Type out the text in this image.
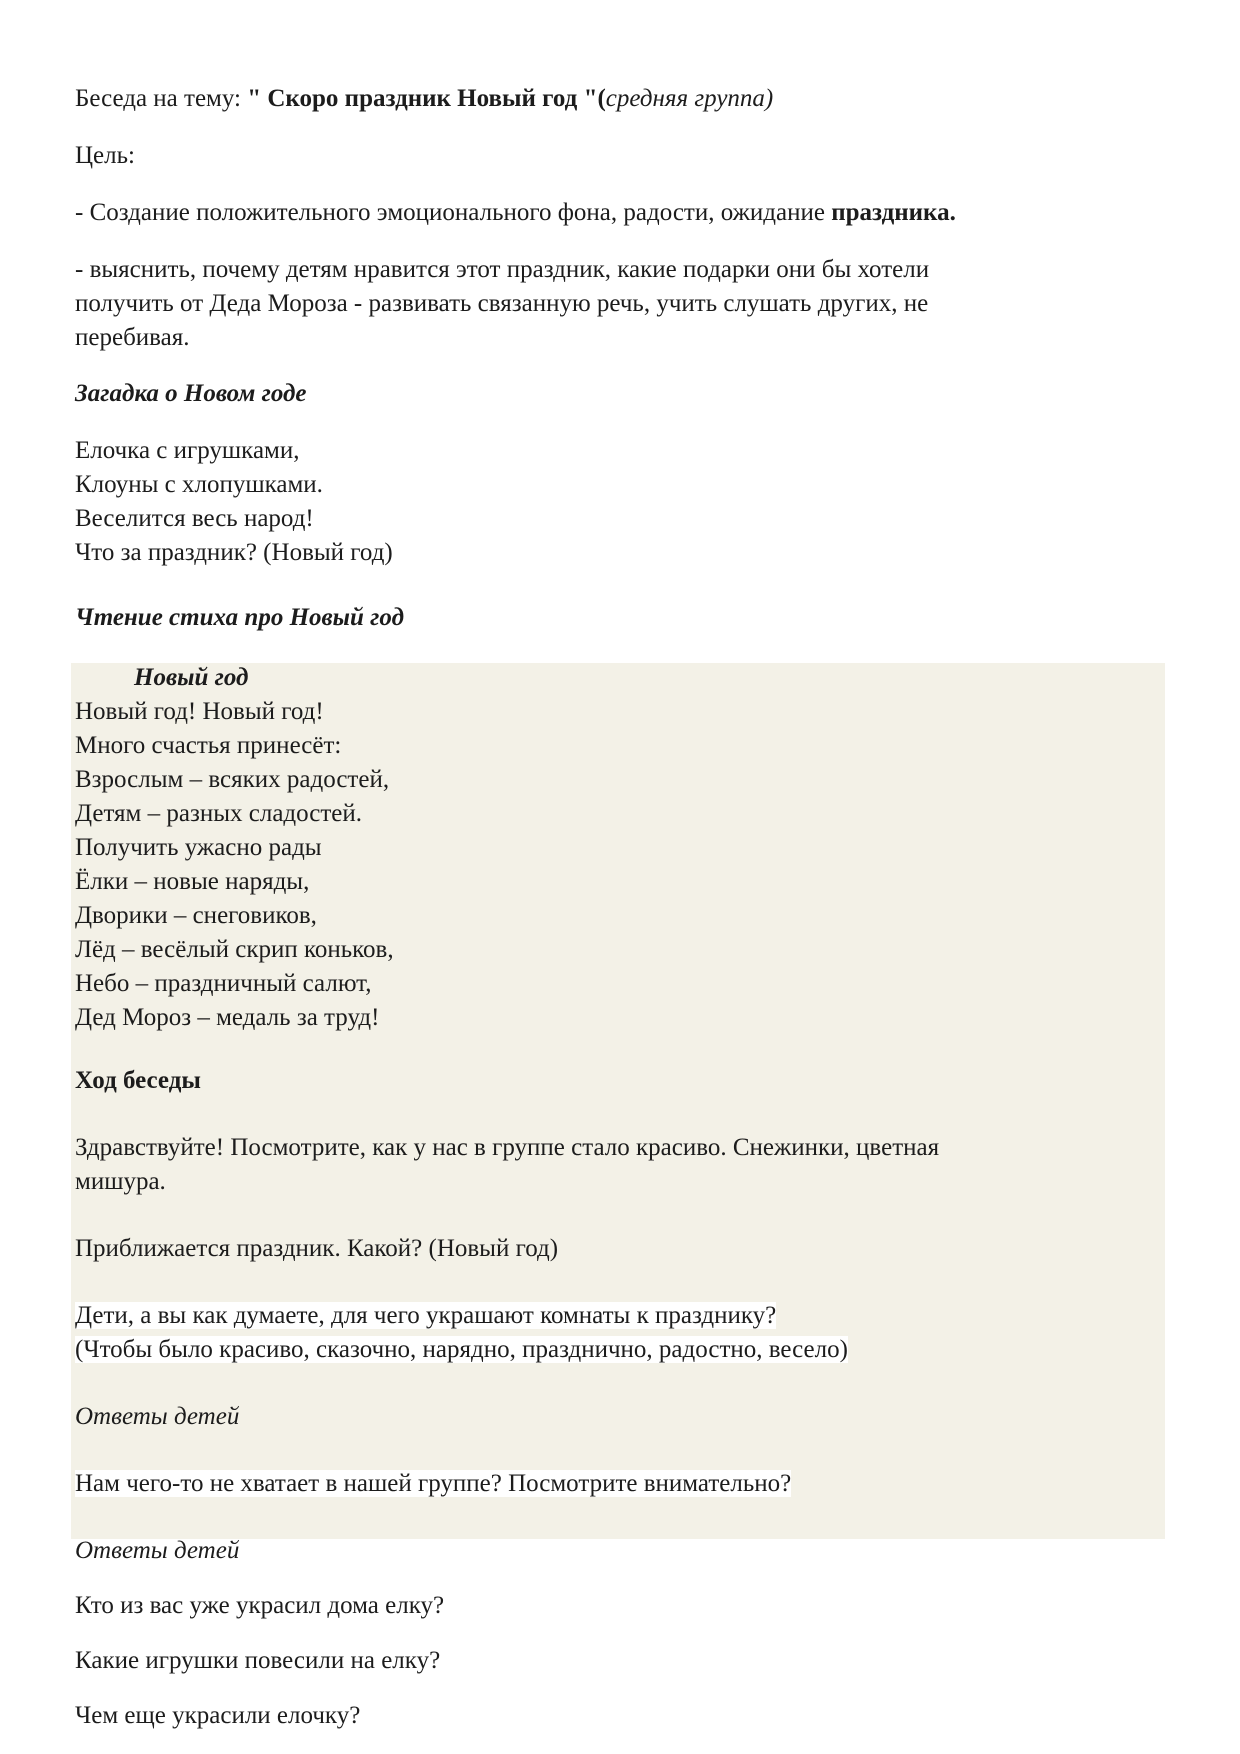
Беседа на тему: " Скоро праздник Новый год "(средняя группа)

Цель:

- Создание положительного эмоционального фона, радости, ожидание праздника.

- выяснить, почему детям нравится этот праздник, какие подарки они бы хотели
получить от Деда Мороза - развивать связанную речь, учить слушать других, не
перебивая.

Загадка о Новом годе

Елочка с игрушками,
Клоуны с хлопушками.
Веселится весь народ!
Что за праздник? (Новый год)

Чтение стиха про Новый год

Новый год

Новый год! Новый год!
Много счастья принесёт:
Взрослым – всяких радостей,
Детям – разных сладостей.
Получить ужасно рады
Ёлки – новые наряды,
Дворики – снеговиков,
Лёд – весёлый скрип коньков,
Небо – праздничный салют,
Дед Мороз – медаль за труд!

Ход беседы

Здравствуйте! Посмотрите, как у нас в группе стало красиво. Снежинки, цветная
мишура.

Приближается праздник. Какой? (Новый год)

Дети, а вы как думаете, для чего украшают комнаты к празднику?
(Чтобы было красиво, сказочно, нарядно, празднично, радостно, весело)

Ответы детей

Нам чего-то не хватает в нашей группе? Посмотрите внимательно?

Ответы детей

Кто из вас уже украсил дома елку?

Какие игрушки повесили на елку?

Чем еще украсили елочку?
